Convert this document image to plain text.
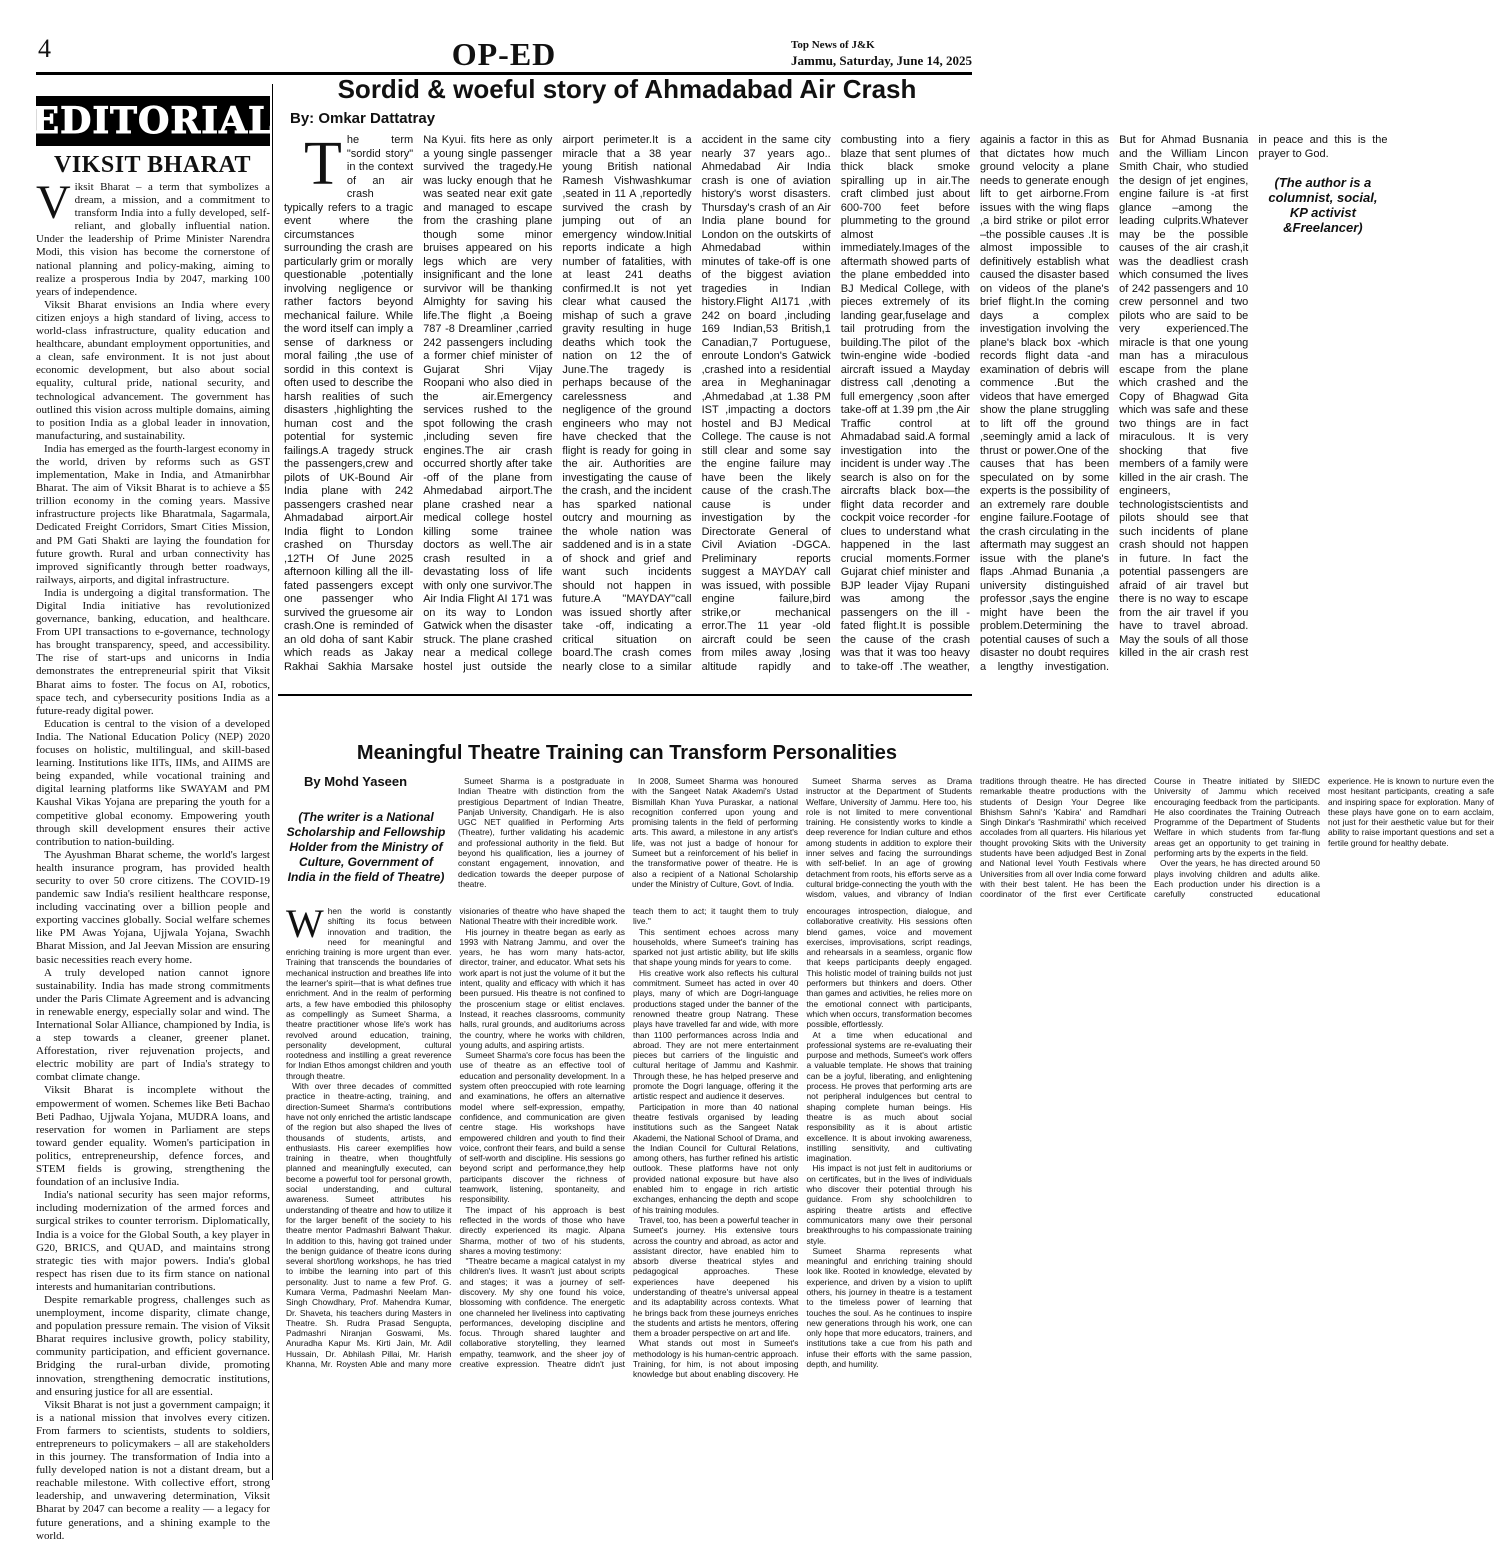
4	OP-ED	Top News of J&K
Jammu, Saturday, June 14, 2025
EDITORIAL
VIKSIT BHARAT

Viksit Bharat – a term that symbolizes a dream, a mission, and a commitment to transform India into a fully developed, self-reliant, and globally influential nation. Under the leadership of Prime Minister Narendra Modi, this vision has become the cornerstone of national planning and policy-making, aiming to realize a prosperous India by 2047, marking 100 years of independence.

Viksit Bharat envisions an India where every citizen enjoys a high standard of living, access to world-class infrastructure, quality education and healthcare, abundant employment opportunities, and a clean, safe environment. It is not just about economic development, but also about social equality, cultural pride, national security, and technological advancement. The government has outlined this vision across multiple domains, aiming to position India as a global leader in innovation, manufacturing, and sustainability.

India has emerged as the fourth-largest economy in the world, driven by reforms such as GST implementation, Make in India, and Atmanirbhar Bharat. The aim of Viksit Bharat is to achieve a $5 trillion economy in the coming years. Massive infrastructure projects like Bharatmala, Sagarmala, Dedicated Freight Corridors, Smart Cities Mission, and PM Gati Shakti are laying the foundation for future growth. Rural and urban connectivity has improved significantly through better roadways, railways, airports, and digital infrastructure.

India is undergoing a digital transformation. The Digital India initiative has revolutionized governance, banking, education, and healthcare. From UPI transactions to e-governance, technology has brought transparency, speed, and accessibility. The rise of start-ups and unicorns in India demonstrates the entrepreneurial spirit that Viksit Bharat aims to foster. The focus on AI, robotics, space tech, and cybersecurity positions India as a future-ready digital power.

Education is central to the vision of a developed India. The National Education Policy (NEP) 2020 focuses on holistic, multilingual, and skill-based learning. Institutions like IITs, IIMs, and AIIMS are being expanded, while vocational training and digital learning platforms like SWAYAM and PM Kaushal Vikas Yojana are preparing the youth for a competitive global economy. Empowering youth through skill development ensures their active contribution to nation-building.

The Ayushman Bharat scheme, the world's largest health insurance program, has provided health security to over 50 crore citizens. The COVID-19 pandemic saw India's resilient healthcare response, including vaccinating over a billion people and exporting vaccines globally. Social welfare schemes like PM Awas Yojana, Ujjwala Yojana, Swachh Bharat Mission, and Jal Jeevan Mission are ensuring basic necessities reach every home.

A truly developed nation cannot ignore sustainability. India has made strong commitments under the Paris Climate Agreement and is advancing in renewable energy, especially solar and wind. The International Solar Alliance, championed by India, is a step towards a cleaner, greener planet. Afforestation, river rejuvenation projects, and electric mobility are part of India's strategy to combat climate change.

Viksit Bharat is incomplete without the empowerment of women. Schemes like Beti Bachao Beti Padhao, Ujjwala Yojana, MUDRA loans, and reservation for women in Parliament are steps toward gender equality. Women's participation in politics, entrepreneurship, defence forces, and STEM fields is growing, strengthening the foundation of an inclusive India.

India's national security has seen major reforms, including modernization of the armed forces and surgical strikes to counter terrorism. Diplomatically, India is a voice for the Global South, a key player in G20, BRICS, and QUAD, and maintains strong strategic ties with major powers. India's global respect has risen due to its firm stance on national interests and humanitarian contributions.

Despite remarkable progress, challenges such as unemployment, income disparity, climate change, and population pressure remain. The vision of Viksit Bharat requires inclusive growth, policy stability, community participation, and efficient governance. Bridging the rural-urban divide, promoting innovation, strengthening democratic institutions, and ensuring justice for all are essential.

Viksit Bharat is not just a government campaign; it is a national mission that involves every citizen. From farmers to scientists, students to soldiers, entrepreneurs to policymakers – all are stakeholders in this journey. The transformation of India into a fully developed nation is not a distant dream, but a reachable milestone. With collective effort, strong leadership, and unwavering determination, Viksit Bharat by 2047 can become a reality — a legacy for future generations, and a shining example to the world.

Sordid & woeful story of Ahmadabad Air Crash
By: Omkar Dattatray

The term "sordid story" in the context of an air crash typically refers to a tragic event where the circumstances surrounding the crash are particularly grim or morally questionable ,potentially involving negligence or rather factors beyond mechanical failure. While the word itself can imply a sense of darkness or moral failing ,the use of sordid in this context is often used to describe the harsh realities of such disasters ,highlighting the human cost and the potential for systemic failings.A tragedy struck the passengers,crew and pilots of UK-Bound Air India plane with 242 passengers crashed near Ahmadabad airport.Air India flight to London crashed on Thursday ,12TH Of June 2025 afternoon killing all the ill- fated passengers except one passenger who survived the gruesome air crash.One is reminded of an old doha of sant Kabir which reads as Jakay Rakhai Sakhia Marsake Na Kyui. fits here as only a young single passenger survived the tragedy.He was lucky enough that he was seated near exit gate and managed to escape from the crashing plane though some minor bruises appeared on his legs which are very insignificant and the lone survivor will be thanking Almighty for saving his life.The flight ,a Boeing 787 -8 Dreamliner ,carried 242 passengers including a former chief minister of Gujarat Shri Vijay Roopani who also died in the air.Emergency services rushed to the spot following the crash ,including seven fire engines.The air crash occurred shortly after take -off of the plane from Ahmedabad airport.The plane crashed near a medical college hostel killing some trainee doctors as well.The air crash resulted in a devastating loss of life with only one survivor.The Air India Flight AI 171 was on its way to London Gatwick when the disaster struck. The plane crashed near a medical college hostel just outside the airport perimeter.It is a miracle that a 38 year young British national Ramesh Vishwashkumar ,seated in 11 A ,reportedly survived the crash by jumping out of an emergency window.Initial reports indicate a high number of fatalities, with at least 241 deaths confirmed.It is not yet clear what caused the mishap of such a grave gravity resulting in huge deaths which took the nation on 12 the of June.The tragedy is perhaps because of the carelessness and negligence of the ground engineers who may not have checked that the flight is ready for going in the air. Authorities are investigating the cause of the crash, and the incident has sparked national outcry and mourning as the whole nation was saddened and is in a state of shock and grief and want such incidents should not happen in future.A "MAYDAY"call was issued shortly after take -off, indicating a critical situation on board.The crash comes nearly close to a similar accident in the same city nearly 37 years ago.. Ahmedabad Air India crash is one of aviation history's worst disasters. Thursday's crash of an Air India plane bound for London on the outskirts of Ahmedabad within minutes of take-off is one of the biggest aviation tragedies in Indian history.Flight AI171 ,with 242 on board ,including 169 Indian,53 British,1 Canadian,7 Portuguese, enroute London's Gatwick ,crashed into a residential area in Meghaninagar ,Ahmedabad ,at 1.38 PM IST ,impacting a doctors hostel and BJ Medical College. The cause is not still clear and some say the engine failure may have been the likely cause of the crash.The cause is under investigation by the Directorate General of Civil Aviation -DGCA. Preliminary reports suggest a MAYDAY call was issued, with possible engine failure,bird strike,or mechanical error.The 11 year -old aircraft could be seen from miles away ,losing altitude rapidly and combusting into a fiery blaze that sent plumes of thick black smoke spiralling up in air.The craft climbed just about 600-700 feet before plummeting to the ground almost immediately.Images of the aftermath showed parts of the plane embedded into BJ Medical College, with pieces extremely of its landing gear,fuselage and tail protruding from the building.The pilot of the twin-engine wide -bodied aircraft issued a Mayday distress call ,denoting a full emergency ,soon after take-off at 1.39 pm ,the Air Traffic control at Ahmadabad said.A formal investigation into the incident is under way .The search is also on for the aircrafts black box—the flight data recorder and cockpit voice recorder -for clues to understand what happened in the last crucial moments.Former Gujarat chief minister and BJP leader Vijay Rupani was among the passengers on the ill -fated flight.It is possible the cause of the crash was that it was too heavy to take-off .The weather, againis a factor in this as that dictates how much ground velocity a plane needs to generate enough lift to get airborne.From issues with the wing flaps ,a bird strike or pilot error –the possible causes .It is almost impossible to definitively establish what caused the disaster based on videos of the plane's brief flight.In the coming days a complex investigation involving the plane's black box -which records flight data -and examination of debris will commence .But the videos that have emerged show the plane struggling to lift off the ground ,seemingly amid a lack of thrust or power.One of the causes that has been speculated on by some experts is the possibility of an extremely rare double engine failure.Footage of the crash circulating in the aftermath may suggest an issue with the plane's flaps .Ahmad Bunania ,a university distinguished professor ,says the engine might have been the problem.Determining the potential causes of such a disaster no doubt requires a lengthy investigation. But for Ahmad Busnania and the William Lincon Smith Chair, who studied the design of jet engines, engine failure is -at first glance –among the leading culprits.Whatever may be the possible causes of the air crash,it was the deadliest crash which consumed the lives of 242 passengers and 10 crew personnel and two pilots who are said to be very experienced.The miracle is that one young man has a miraculous escape from the plane which crashed and the Copy of Bhagwad Gita which was safe and these two things are in fact miraculous. It is very shocking that five members of a family were killed in the air crash. The engineers, technologistscientists and pilots should see that such incidents of plane crash should not happen in future. In fact the potential passengers are afraid of air travel but there is no way to escape from the air travel if you have to travel abroad. May the souls of all those killed in the air crash rest in peace and this is the prayer to God.

(The author is a columnist, social, KP activist &Freelancer)
Meaningful Theatre Training can Transform Personalities
By Mohd Yaseen
(The writer is a National Scholarship and Fellowship Holder from the Ministry of Culture, Government of India in the field of Theatre)

Sumeet Sharma is a postgraduate in Indian Theatre with distinction from the prestigious Department of Indian Theatre, Panjab University, Chandigarh. He is also UGC NET qualified in Performing Arts (Theatre), further validating his academic and professional authority in the field. But beyond his qualification, lies a journey of constant engagement, innovation, and dedication towards the deeper purpose of theatre.

In 2008, Sumeet Sharma was honoured with the Sangeet Natak Akademi's Ustad Bismillah Khan Yuva Puraskar, a national recognition conferred upon young and promising talents in the field of performing arts. This award, a milestone in any artist's life, was not just a badge of honour for Sumeet but a reinforcement of his belief in the transformative power of theatre. He is also a recipient of a National Scholarship under the Ministry of Culture, Govt. of India.

Sumeet Sharma serves as Drama instructor at the Department of Students Welfare, University of Jammu. Here too, his role is not limited to mere conventional training. He consistently works to kindle a deep reverence for Indian culture and ethos among students in addition to explore their inner selves and facing the surroundings with self-belief. In an age of growing detachment from roots, his efforts serve as a cultural bridge-connecting the youth with the wisdom, values, and vibrancy of Indian traditions through theatre. He has directed remarkable theatre productions with the students of Design Your Degree like Bhishsm Sahni's 'Kabira' and Ramdhari Singh Dinkar's 'Rashmirathi' which received accolades from all quarters. His hilarious yet thought provoking Skits with the University students have been adjudged Best in Zonal and National level Youth Festivals where Universities from all over India come forward with their best talent. He has been the coordinator of the first ever Certificate Course in Theatre initiated by SIIEDC University of Jammu which received encouraging feedback from the participants. He also coordinates the Training Outreach Programme of the Department of Students Welfare in which students from far-flung areas get an opportunity to get training in performing arts by the experts in the field.

Over the years, he has directed around 50 plays involving children and adults alike. Each production under his direction is a carefully constructed educational experience. He is known to nurture even the most hesitant participants, creating a safe and inspiring space for exploration. Many of these plays have gone on to earn acclaim, not just for their aesthetic value but for their ability to raise important questions and set a fertile ground for healthy debate.

When the world is constantly shifting its focus between innovation and tradition, the need for meaningful and enriching training is more urgent than ever. Training that transcends the boundaries of mechanical instruction and breathes life into the learner's spirit—that is what defines true enrichment. And in the realm of performing arts, a few have embodied this philosophy as compellingly as Sumeet Sharma, a theatre practitioner whose life's work has revolved around education, training, personality development, cultural rootedness and instilling a great reverence for Indian Ethos amongst children and youth through theatre.

With over three decades of committed practice in theatre-acting, training, and direction-Sumeet Sharma's contributions have not only enriched the artistic landscape of the region but also shaped the lives of thousands of students, artists, and enthusiasts. His career exemplifies how training in theatre, when thoughtfully planned and meaningfully executed, can become a powerful tool for personal growth, social understanding, and cultural awareness. Sumeet attributes his understanding of theatre and how to utilize it for the larger benefit of the society to his theatre mentor Padmashri Balwant Thakur. In addition to this, having got trained under the benign guidance of theatre icons during several short/long workshops, he has tried to imbibe the learning into part of this personality. Just to name a few Prof. G. Kumara Verma, Padmashri Neelam Man-Singh Chowdhary, Prof. Mahendra Kumar, Dr. Shaveta, his teachers during Masters in Theatre. Sh. Rudra Prasad Sengupta, Padmashri Niranjan Goswami, Ms. Anuradha Kapur Ms. Kirti Jain, Mr. Adil Hussain, Dr. Abhilash Pillai, Mr. Harish Khanna, Mr. Roysten Able and many more visionaries of theatre who have shaped the National Theatre with their incredible work.

His journey in theatre began as early as 1993 with Natrang Jammu, and over the years, he has worn many hats-actor, director, trainer, and educator. What sets his work apart is not just the volume of it but the intent, quality and efficacy with which it has been pursued. His theatre is not confined to the proscenium stage or elitist enclaves. Instead, it reaches classrooms, community halls, rural grounds, and auditoriums across the country, where he works with children, young adults, and aspiring artists.

Sumeet Sharma's core focus has been the use of theatre as an effective tool of education and personality development. In a system often preoccupied with rote learning and examinations, he offers an alternative model where self-expression, empathy, confidence, and communication are given centre stage. His workshops have empowered children and youth to find their voice, confront their fears, and build a sense of self-worth and discipline. His sessions go beyond script and performance,they help participants discover the richness of teamwork, listening, spontaneity, and responsibility.

The impact of his approach is best reflected in the words of those who have directly experienced its magic. Alpana Sharma, mother of two of his students, shares a moving testimony:

"Theatre became a magical catalyst in my children's lives. It wasn't just about scripts and stages; it was a journey of self-discovery. My shy one found his voice, blossoming with confidence. The energetic one channeled her liveliness into captivating performances, developing discipline and focus. Through shared laughter and collaborative storytelling, they learned empathy, teamwork, and the sheer joy of creative expression. Theatre didn't just teach them to act; it taught them to truly live."

This sentiment echoes across many households, where Sumeet's training has sparked not just artistic ability, but life skills that shape young minds for years to come.

His creative work also reflects his cultural commitment. Sumeet has acted in over 40 plays, many of which are Dogri-language productions staged under the banner of the renowned theatre group Natrang. These plays have travelled far and wide, with more than 1100 performances across India and abroad. They are not mere entertainment pieces but carriers of the linguistic and cultural heritage of Jammu and Kashmir. Through these, he has helped preserve and promote the Dogri language, offering it the artistic respect and audience it deserves.

Participation in more than 40 national theatre festivals organised by leading institutions such as the Sangeet Natak Akademi, the National School of Drama, and the Indian Council for Cultural Relations, among others, has further refined his artistic outlook. These platforms have not only provided national exposure but have also enabled him to engage in rich artistic exchanges, enhancing the depth and scope of his training modules.

Travel, too, has been a powerful teacher in Sumeet's journey. His extensive tours across the country and abroad, as actor and assistant director, have enabled him to absorb diverse theatrical styles and pedagogical approaches. These experiences have deepened his understanding of theatre's universal appeal and its adaptability across contexts. What he brings back from these journeys enriches the students and artists he mentors, offering them a broader perspective on art and life.

What stands out most in Sumeet's methodology is his human-centric approach. Training, for him, is not about imposing knowledge but about enabling discovery. He encourages introspection, dialogue, and collaborative creativity. His sessions often blend games, voice and movement exercises, improvisations, script readings, and rehearsals in a seamless, organic flow that keeps participants deeply engaged. This holistic model of training builds not just performers but thinkers and doers. Other than games and activities, he relies more on the emotional connect with participants, which when occurs, transformation becomes possible, effortlessly.

At a time when educational and professional systems are re-evaluating their purpose and methods, Sumeet's work offers a valuable template. He shows that training can be a joyful, liberating, and enlightening process. He proves that performing arts are not peripheral indulgences but central to shaping complete human beings. His theatre is as much about social responsibility as it is about artistic excellence. It is about invoking awareness, instilling sensitivity, and cultivating imagination.

His impact is not just felt in auditoriums or on certificates, but in the lives of individuals who discover their potential through his guidance. From shy schoolchildren to aspiring theatre artists and effective communicators many owe their personal breakthroughs to his compassionate training style.

Sumeet Sharma represents what meaningful and enriching training should look like. Rooted in knowledge, elevated by experience, and driven by a vision to uplift others, his journey in theatre is a testament to the timeless power of learning that touches the soul. As he continues to inspire new generations through his work, one can only hope that more educators, trainers, and institutions take a cue from his path and infuse their efforts with the same passion, depth, and humility.
